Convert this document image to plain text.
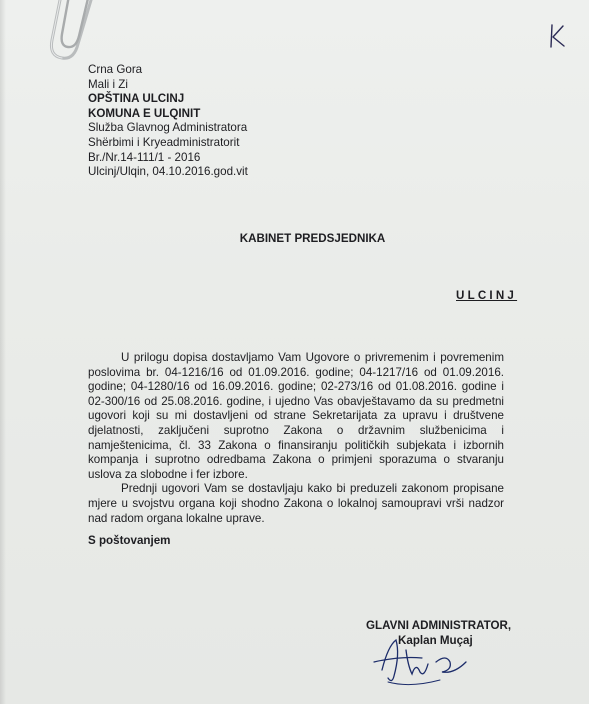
Crna Gora
Mali i Zi
OPŠTINA ULCINJ
KOMUNA E ULQINIT
Služba Glavnog Administratora
Shërbimi i Kryeadministratorit
Br./Nr.14-111/1 - 2016
Ulcinj/Ulqin, 04.10.2016.god.vit
KABINET PREDSJEDNIKA
ULCINJ

U prilogu dopisa dostavljamo Vam Ugovore o privremenim i povremenim poslovima br. 04-1216/16 od 01.09.2016. godine; 04-1217/16 od 01.09.2016. godine; 04-1280/16 od 16.09.2016. godine; 02-273/16 od 01.08.2016. godine i 02-300/16 od 25.08.2016. godine, i ujedno Vas obavještavamo da su predmetni ugovori koji su mi dostavljeni od strane Sekretarijata za upravu i društvene djelatnosti, zaključeni suprotno Zakona o državnim službenicima i namještenicima, čl. 33 Zakona o finansiranju političkih subjekata i izbornih kompanja i suprotno odredbama Zakona o primjeni sporazuma o stvaranju uslova za slobodne i fer izbore.

Prednji ugovori Vam se dostavljaju kako bi preduzeli zakonom propisane mjere u svojstvu organa koji shodno Zakona o lokalnoj samoupravi vrši nadzor nad radom organa lokalne uprave.

S poštovanjem
GLAVNI ADMINISTRATOR,
Kaplan Muçaj
